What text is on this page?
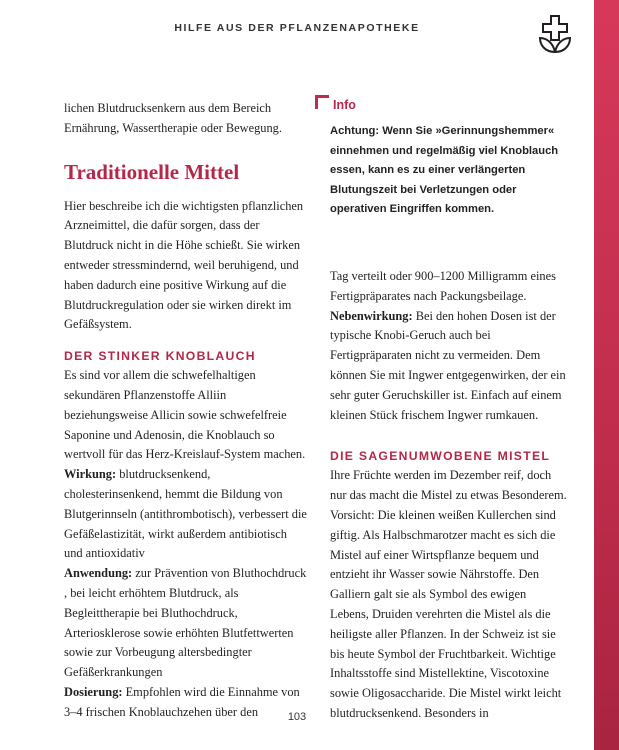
HILFE AUS DER PFLANZENAPOTHEKE

lichen Blutdrucksenkern aus dem Bereich Ernährung, Wassertherapie oder Bewegung.

Traditionelle Mittel

Hier beschreibe ich die wichtigsten pflanzlichen Arzneimittel, die dafür sorgen, dass der Blutdruck nicht in die Höhe schießt. Sie wirken entweder stressmindernd, weil beruhigend, und haben dadurch eine positive Wirkung auf die Blutdruckregulation oder sie wirken direkt im Gefäßsystem.

DER STINKER KNOBLAUCH

Es sind vor allem die schwefelhaltigen sekundären Pflanzenstoffe Alliin beziehungsweise Allicin sowie schwefelfreie Saponine und Adenosin, die Knoblauch so wertvoll für das Herz-Kreislauf-System machen.

Wirkung: blutdrucksenkend, cholesterinsenkend, hemmt die Bildung von Blutgerinnseln (antithrombotisch), verbessert die Gefäßelastizität, wirkt außerdem antibiotisch und antioxidativ

Anwendung: zur Prävention von Bluthochdruck , bei leicht erhöhtem Blutdruck, als Begleittherapie bei Bluthochdruck, Arteriosklerose sowie erhöhten Blutfettwerten sowie zur Vorbeugung altersbedingter Gefäßerkrankungen

Dosierung: Empfohlen wird die Einnahme von 3–4 frischen Knoblauchzehen über den

Info
Achtung: Wenn Sie »Gerinnungshemmer« einnehmen und regelmäßig viel Knoblauch essen, kann es zu einer verlängerten Blutungszeit bei Verletzungen oder operativen Eingriffen kommen.

Tag verteilt oder 900–1200 Milligramm eines Fertigpräparates nach Packungsbeilage.

Nebenwirkung: Bei den hohen Dosen ist der typische Knobi-Geruch auch bei Fertigpräparaten nicht zu vermeiden. Dem können Sie mit Ingwer entgegenwirken, der ein sehr guter Geruchskiller ist. Einfach auf einem kleinen Stück frischem Ingwer rumkauen.

DIE SAGENUMWOBENE MISTEL

Ihre Früchte werden im Dezember reif, doch nur das macht die Mistel zu etwas Besonderem. Vorsicht: Die kleinen weißen Kullerchen sind giftig. Als Halbschmarotzer macht es sich die Mistel auf einer Wirtspflanze bequem und entzieht ihr Wasser sowie Nährstoffe. Den Galliern galt sie als Symbol des ewigen Lebens, Druiden verehrten die Mistel als die heiligste aller Pflanzen. In der Schweiz ist sie bis heute Symbol der Fruchtbarkeit. Wichtige Inhaltsstoffe sind Mistellektine, Viscotoxine sowie Oligosaccharide. Die Mistel wirkt leicht blutdrucksenkend. Besonders in

103
